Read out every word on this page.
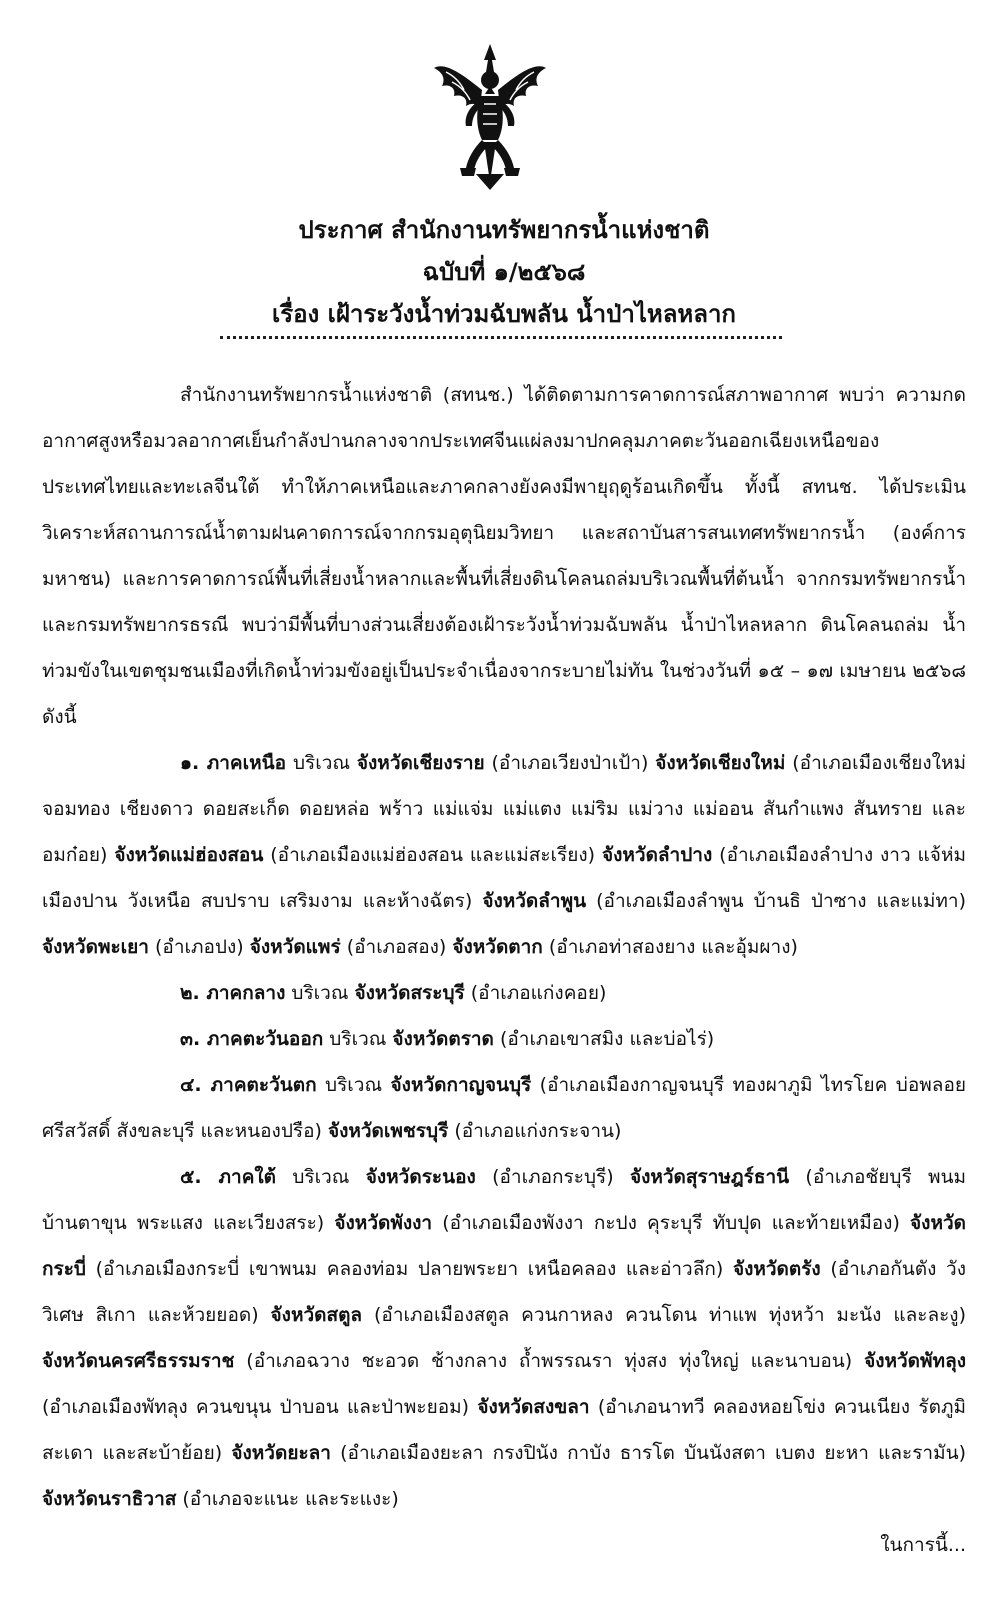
ประกาศ สำนักงานทรัพยากรน้ำแห่งชาติ
ฉบับที่ ๑/๒๕๖๘
เรื่อง เฝ้าระวังน้ำท่วมฉับพลัน น้ำป่าไหลหลาก

สำนักงานทรัพยากรน้ำแห่งชาติ (สทนช.) ได้ติดตามการคาดการณ์สภาพอากาศ พบว่า ความกดอากาศสูงหรือมวลอากาศเย็นกำลังปานกลางจากประเทศจีนแผ่ลงมาปกคลุมภาคตะวันออกเฉียงเหนือของประเทศไทยและทะเลจีนใต้ ทำให้ภาคเหนือและภาคกลางยังคงมีพายุฤดูร้อนเกิดขึ้น ทั้งนี้ สทนช. ได้ประเมินวิเคราะห์สถานการณ์น้ำตามฝนคาดการณ์จากกรมอุตุนิยมวิทยา และสถาบันสารสนเทศทรัพยากรน้ำ (องค์การมหาชน) และการคาดการณ์พื้นที่เสี่ยงน้ำหลากและพื้นที่เสี่ยงดินโคลนถล่มบริเวณพื้นที่ต้นน้ำ จากกรมทรัพยากรน้ำและกรมทรัพยากรธรณี พบว่ามีพื้นที่บางส่วนเสี่ยงต้องเฝ้าระวังน้ำท่วมฉับพลัน น้ำป่าไหลหลาก ดินโคลนถล่ม น้ำท่วมขังในเขตชุมชนเมืองที่เกิดน้ำท่วมขังอยู่เป็นประจำเนื่องจากระบายไม่ทัน ในช่วงวันที่ ๑๕ – ๑๗ เมษายน ๒๕๖๘ ดังนี้

๑. ภาคเหนือ บริเวณ จังหวัดเชียงราย (อำเภอเวียงป่าเป้า) จังหวัดเชียงใหม่ (อำเภอเมืองเชียงใหม่ จอมทอง เชียงดาว ดอยสะเก็ด ดอยหล่อ พร้าว แม่แจ่ม แม่แตง แม่ริม แม่วาง แม่ออน สันกำแพง สันทราย และอมก๋อย) จังหวัดแม่ฮ่องสอน (อำเภอเมืองแม่ฮ่องสอน และแม่สะเรียง) จังหวัดลำปาง (อำเภอเมืองลำปาง งาว แจ้ห่ม เมืองปาน วังเหนือ สบปราบ เสริมงาม และห้างฉัตร) จังหวัดลำพูน (อำเภอเมืองลำพูน บ้านธิ ป่าซาง และแม่ทา) จังหวัดพะเยา (อำเภอปง) จังหวัดแพร่ (อำเภอสอง) จังหวัดตาก (อำเภอท่าสองยาง และอุ้มผาง)

๒. ภาคกลาง บริเวณ จังหวัดสระบุรี (อำเภอแก่งคอย)

๓. ภาคตะวันออก บริเวณ จังหวัดตราด (อำเภอเขาสมิง และบ่อไร่)

๔. ภาคตะวันตก บริเวณ จังหวัดกาญจนบุรี (อำเภอเมืองกาญจนบุรี ทองผาภูมิ ไทรโยค บ่อพลอย ศรีสวัสดิ์ สังขละบุรี และหนองปรือ) จังหวัดเพชรบุรี (อำเภอแก่งกระจาน)

๕. ภาคใต้ บริเวณ จังหวัดระนอง (อำเภอกระบุรี) จังหวัดสุราษฎร์ธานี (อำเภอชัยบุรี พนม บ้านตาขุน พระแสง และเวียงสระ) จังหวัดพังงา (อำเภอเมืองพังงา กะปง คุระบุรี ทับปุด และท้ายเหมือง) จังหวัดกระบี่ (อำเภอเมืองกระบี่ เขาพนม คลองท่อม ปลายพระยา เหนือคลอง และอ่าวลึก) จังหวัดตรัง (อำเภอกันตัง วังวิเศษ สิเกา และห้วยยอด) จังหวัดสตูล (อำเภอเมืองสตูล ควนกาหลง ควนโดน ท่าแพ ทุ่งหว้า มะนัง และละงู) จังหวัดนครศรีธรรมราช (อำเภอฉวาง ชะอวด ช้างกลาง ถ้ำพรรณรา ทุ่งสง ทุ่งใหญ่ และนาบอน) จังหวัดพัทลุง (อำเภอเมืองพัทลุง ควนขนุน ป่าบอน และป่าพะยอม) จังหวัดสงขลา (อำเภอนาทวี คลองหอยโข่ง ควนเนียง รัตภูมิ สะเดา และสะบ้าย้อย) จังหวัดยะลา (อำเภอเมืองยะลา กรงปินัง กาบัง ธารโต บันนังสตา เบตง ยะหา และรามัน) จังหวัดนราธิวาส (อำเภอจะแนะ และระแงะ)

ในการนี้...
